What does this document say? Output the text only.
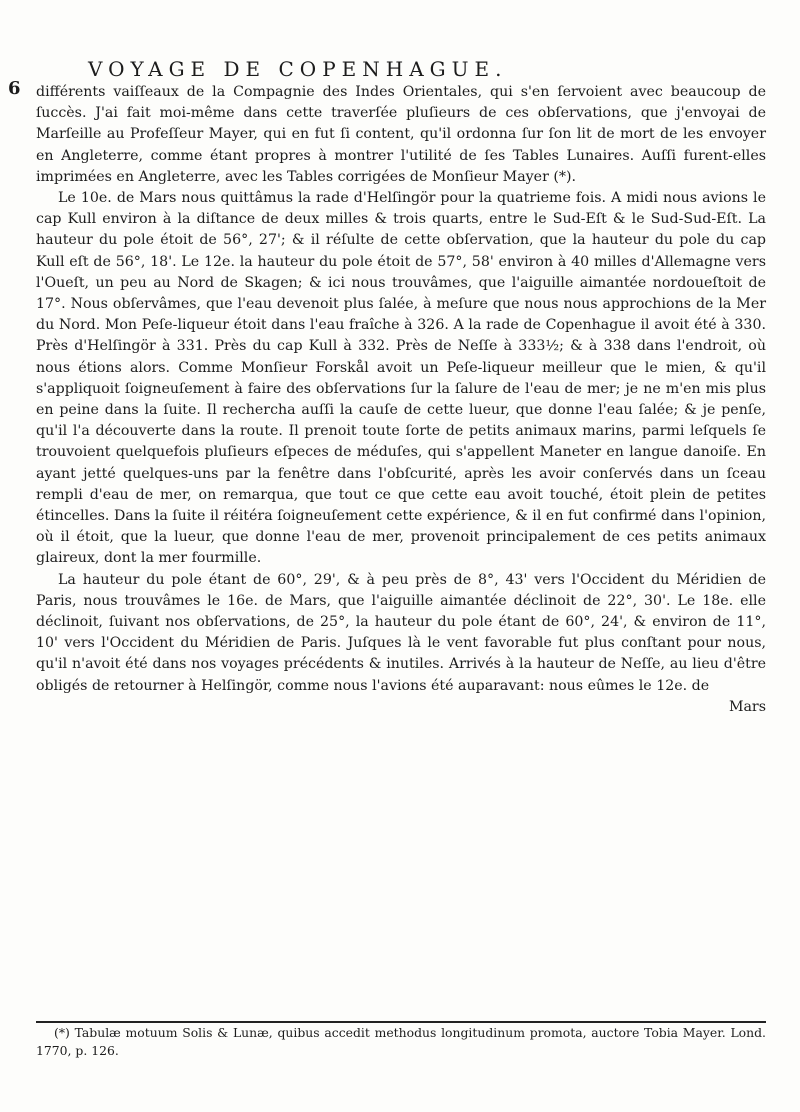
6
VOYAGE DE COPENHAGUE.

différents vaiſſeaux de la Compagnie des Indes Orientales, qui s'en ſervoient avec beaucoup de ſuccès. J'ai fait moi-même dans cette traverſée pluſieurs de ces obſervations, que j'envoyai de Marſeille au Profeſſeur Mayer, qui en fut ſi content, qu'il ordonna ſur ſon lit de mort de les envoyer en Angleterre, comme étant propres à montrer l'utilité de ſes Tables Lunaires. Auſſi furent-elles imprimées en Angleterre, avec les Tables corrigées de Monſieur Mayer (*).

Le 10e. de Mars nous quittâmus la rade d'Helſingör pour la quatrieme fois. A midi nous avions le cap Kull environ à la diſtance de deux milles & trois quarts, entre le Sud-Eſt & le Sud-Sud-Eſt. La hauteur du pole étoit de 56°, 27'; & il réſulte de cette obſervation, que la hauteur du pole du cap Kull eſt de 56°, 18'. Le 12e. la hauteur du pole étoit de 57°, 58' environ à 40 milles d'Allemagne vers l'Oueſt, un peu au Nord de Skagen; & ici nous trouvâmes, que l'aiguille aimantée nordoueſtoit de 17°. Nous obſervâmes, que l'eau devenoit plus ſalée, à meſure que nous nous approchions de la Mer du Nord. Mon Peſe-liqueur étoit dans l'eau fraîche à 326. A la rade de Copenhague il avoit été à 330. Près d'Helſingör à 331. Près du cap Kull à 332. Près de Neſſe à 333½; & à 338 dans l'endroit, où nous étions alors. Comme Monſieur Forskål avoit un Peſe-liqueur meilleur que le mien, & qu'il s'appliquoit ſoigneuſement à faire des obſervations ſur la ſalure de l'eau de mer; je ne m'en mis plus en peine dans la ſuite. Il rechercha auſſi la cauſe de cette lueur, que donne l'eau ſalée; & je penſe, qu'il l'a découverte dans la route. Il prenoit toute ſorte de petits animaux marins, parmi leſquels ſe trouvoient quelquefois pluſieurs eſpeces de méduſes, qui s'appellent Maneter en langue danoiſe. En ayant jetté quelques-uns par la fenêtre dans l'obſcurité, après les avoir conſervés dans un ſceau rempli d'eau de mer, on remarqua, que tout ce que cette eau avoit touché, étoit plein de petites étincelles. Dans la ſuite il réitéra ſoigneuſement cette expérience, & il en fut confirmé dans l'opinion, où il étoit, que la lueur, que donne l'eau de mer, provenoit principalement de ces petits animaux glaireux, dont la mer fourmille.

La hauteur du pole étant de 60°, 29', & à peu près de 8°, 43' vers l'Occident du Méridien de Paris, nous trouvâmes le 16e. de Mars, que l'aiguille aimantée déclinoit de 22°, 30'. Le 18e. elle déclinoit, ſuivant nos obſervations, de 25°, la hauteur du pole étant de 60°, 24', & environ de 11°, 10' vers l'Occident du Méridien de Paris. Juſques là le vent favorable fut plus conſtant pour nous, qu'il n'avoit été dans nos voyages précédents & inutiles. Arrivés à la hauteur de Neſſe, au lieu d'être obligés de retourner à Helſingör, comme nous l'avions été auparavant: nous eûmes le 12e. de

Mars
(*) Tabulæ motuum Solis & Lunæ, quibus accedit methodus longitudinum promota, auctore Tobia Mayer. Lond. 1770, p. 126.
